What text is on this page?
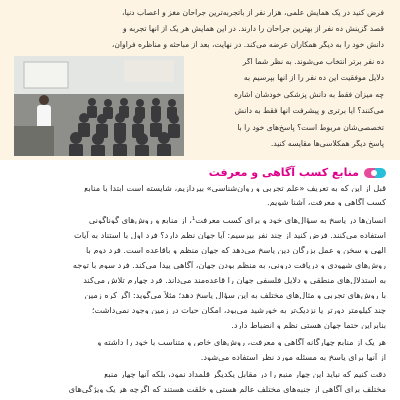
فرض کنید در یک همایش علمی، هزار نفر از باتجربه‌ترین جراحان مغز و اعصاب دنیا،

قصد گزینش ده نفر از بهترین جراحان را دارند. در این همایش هر یک از آنها تجربه و

دانش خود را به دیگر همکاران عرضه می‌کند. در نهایت، بعد از مباحثه و مناظره فراوان،

ده نفر برتر انتخاب می‌شوند. به نظر شما اگر

دلایل موفقیت این ده نفر را از آنها بپرسیم به

چه میزان فقط به دانش پزشکی خودشان اشاره

می‌کنند؟ آیا برتری و پیشرفت آنها فقط به دانش

تخصصی‌شان مربوط است؟ پاسخ‌های خود را با

پاسخ دیگر همکلاسی‌ها مقایسه کنید.

منابع کسب آگاهی و معرفت

قبل از این که به تعریف «علم تجربی و روان‌شناسی» بپردازیم، شایسته است ابتدا با منابع

کسب آگاهی و معرفت، آشنا شویم.

انسان‌ها در پاسخ به سؤال‌های خود و برای کسب معرفت¹، از منابع و روش‌های گوناگونی

استفاده می‌کنند. فرض کنید از چند نفر بپرسیم: آیا جهان نظم دارد؟ فرد اول با استناد به آیات

الهی و سخن و عمل بزرگان دین پاسخ می‌دهد که جهان منظم و باقاعده است. فرد دوم با

روش‌های شهودی و دریافت درونی، به منظم بودن جهان، آگاهی پیدا می‌کند. فرد سوم با توجه

به استدلال‌های منطقی و دلایل فلسفی جهان را قاعده‌مند می‌داند. فرد چهارم تلاش می‌کند

با روش‌های تجربی و مثال‌های مختلف به این سؤال پاسخ دهد؛ مثلاً می‌گوید: اگر کره زمین

چند کیلومتر دورتر یا نزدیک‌تر به خورشید می‌بود، امکان حیات در زمین وجود نمی‌داشت؛

بنابراین حتماً جهان هستی نظم و انضباط دارد.

هر یک از منابع چهارگانه آگاهی و معرفت، روش‌های خاص و متناسب با خود را داشته و

از آنها برای پاسخ به مسئله مورد نظر استفاده می‌شود.

دقت کنیم که نباید این چهار منبع را در مقابل یکدیگر قلمداد نمود، بلکه آنها چهار منبع

مختلف برای آگاهی از جنبه‌های مختلف عالم هستی و خلقت هستند که اگرچه هر یک ویژگی‌های
